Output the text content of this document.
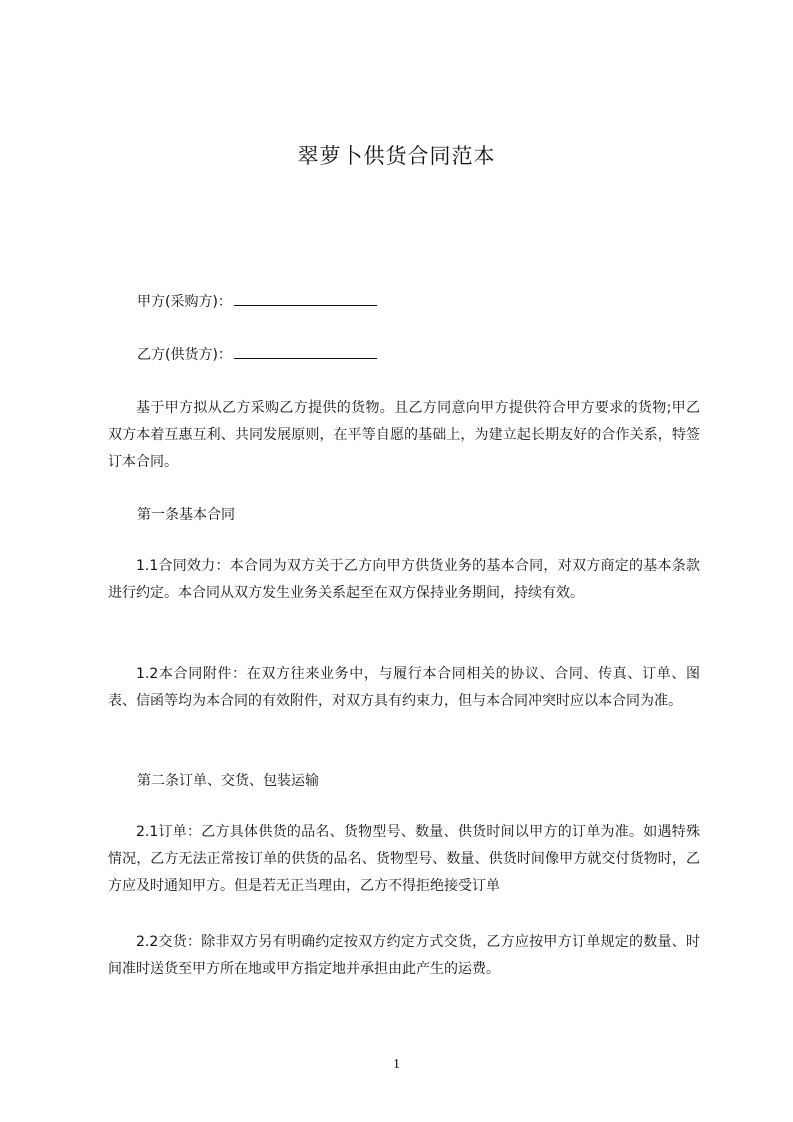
翠萝卜供货合同范本
甲方(采购方)：
乙方(供货方)：

基于甲方拟从乙方采购乙方提供的货物。且乙方同意向甲方提供符合甲方要求的货物;甲乙双方本着互惠互利、共同发展原则，在平等自愿的基础上，为建立起长期友好的合作关系，特签订本合同。

第一条基本合同

1.1合同效力：本合同为双方关于乙方向甲方供货业务的基本合同，对双方商定的基本条款进行约定。本合同从双方发生业务关系起至在双方保持业务期间，持续有效。

1.2本合同附件：在双方往来业务中，与履行本合同相关的协议、合同、传真、订单、图表、信函等均为本合同的有效附件，对双方具有约束力，但与本合同冲突时应以本合同为准。

第二条订单、交货、包装运输

2.1订单：乙方具体供货的品名、货物型号、数量、供货时间以甲方的订单为准。如遇特殊情况，乙方无法正常按订单的供货的品名、货物型号、数量、供货时间像甲方就交付货物时，乙方应及时通知甲方。但是若无正当理由，乙方不得拒绝接受订单

2.2交货：除非双方另有明确约定按双方约定方式交货，乙方应按甲方订单规定的数量、时间准时送货至甲方所在地或甲方指定地并承担由此产生的运费。

1
